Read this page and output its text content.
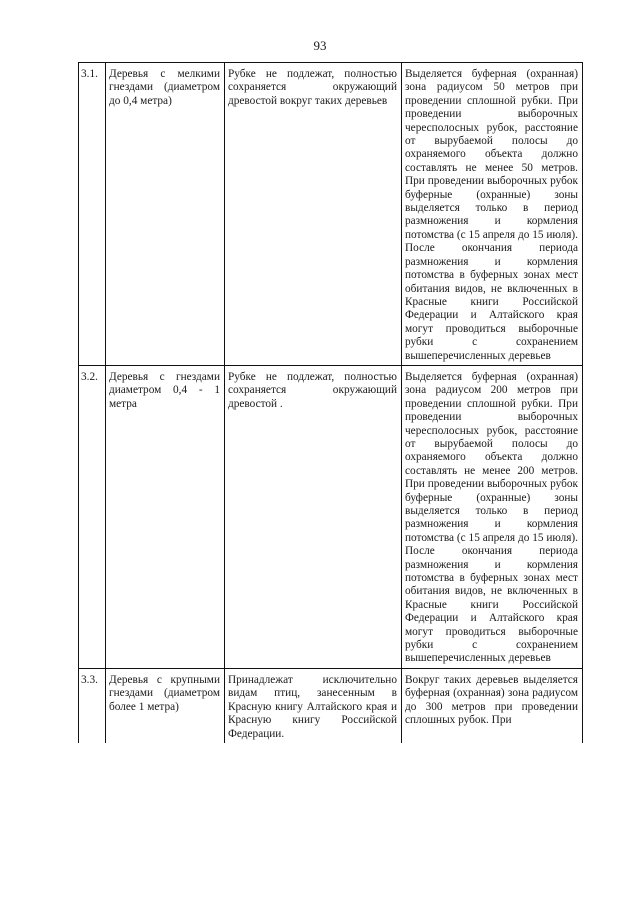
93
3.1.	Деревья с мелкими гнездами (диаметром до 0,4 метра)	Рубке не подлежат, полностью сохраняется окружающий древостой вокруг таких деревьев	Выделяется буферная (охранная) зона радиусом 50 метров при проведении сплошной рубки. При проведении выборочных чересполосных рубок, расстояние от вырубаемой полосы до охраняемого объекта должно составлять не менее 50 метров. При проведении выборочных рубок буферные (охранные) зоны выделяется только в период размножения и кормления потомства (с 15 апреля до 15 июля). После окончания периода размножения и кормления потомства в буферных зонах мест обитания видов, не включенных в Красные книги Российской Федерации и Алтайского края могут проводиться выборочные рубки с сохранением вышеперечисленных деревьев
3.2.	Деревья с гнездами диаметром 0,4 - 1 метра	Рубке не подлежат, полностью сохраняется окружающий древостой .	Выделяется буферная (охранная) зона радиусом 200 метров при проведении сплошной рубки. При проведении выборочных чересполосных рубок, расстояние от вырубаемой полосы до охраняемого объекта должно составлять не менее 200 метров. При проведении выборочных рубок буферные (охранные) зоны выделяется только в период размножения и кормления потомства (с 15 апреля до 15 июля). После окончания периода размножения и кормления потомства в буферных зонах мест обитания видов, не включенных в Красные книги Российской Федерации и Алтайского края могут проводиться выборочные рубки с сохранением вышеперечисленных деревьев
3.3.	Деревья с крупными гнездами (диаметром более 1 метра)	Принадлежат исключительно видам птиц, занесенным в Красную книгу Алтайского края и Красную книгу Российской Федерации.	Вокруг таких деревьев выделяется буферная (охранная) зона радиусом до 300 метров при проведении сплошных рубок. При
